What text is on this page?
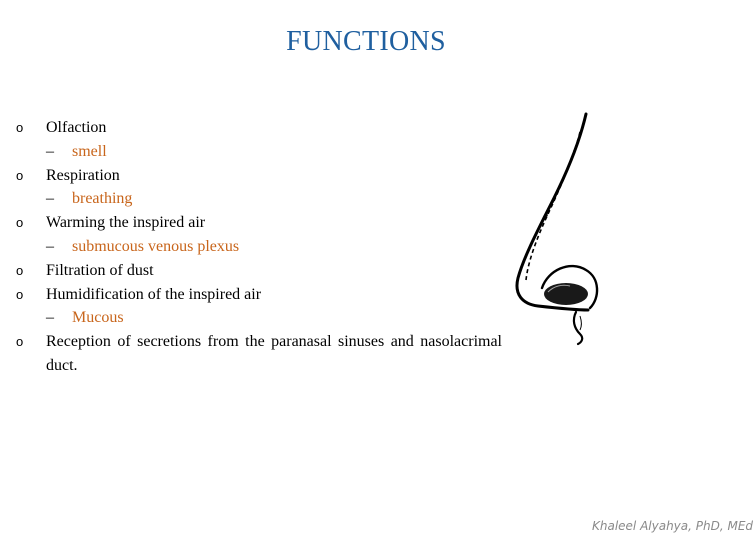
FUNCTIONS
o	Olfaction
– smell
o	Respiration
– breathing
o	Warming the inspired air
– submucous venous plexus
o	Filtration of dust
o	Humidification of the inspired air
– Mucous
o	Reception of secretions from the paranasal sinuses and nasolacrimal duct.
Khaleel Alyahya, PhD, MEd
